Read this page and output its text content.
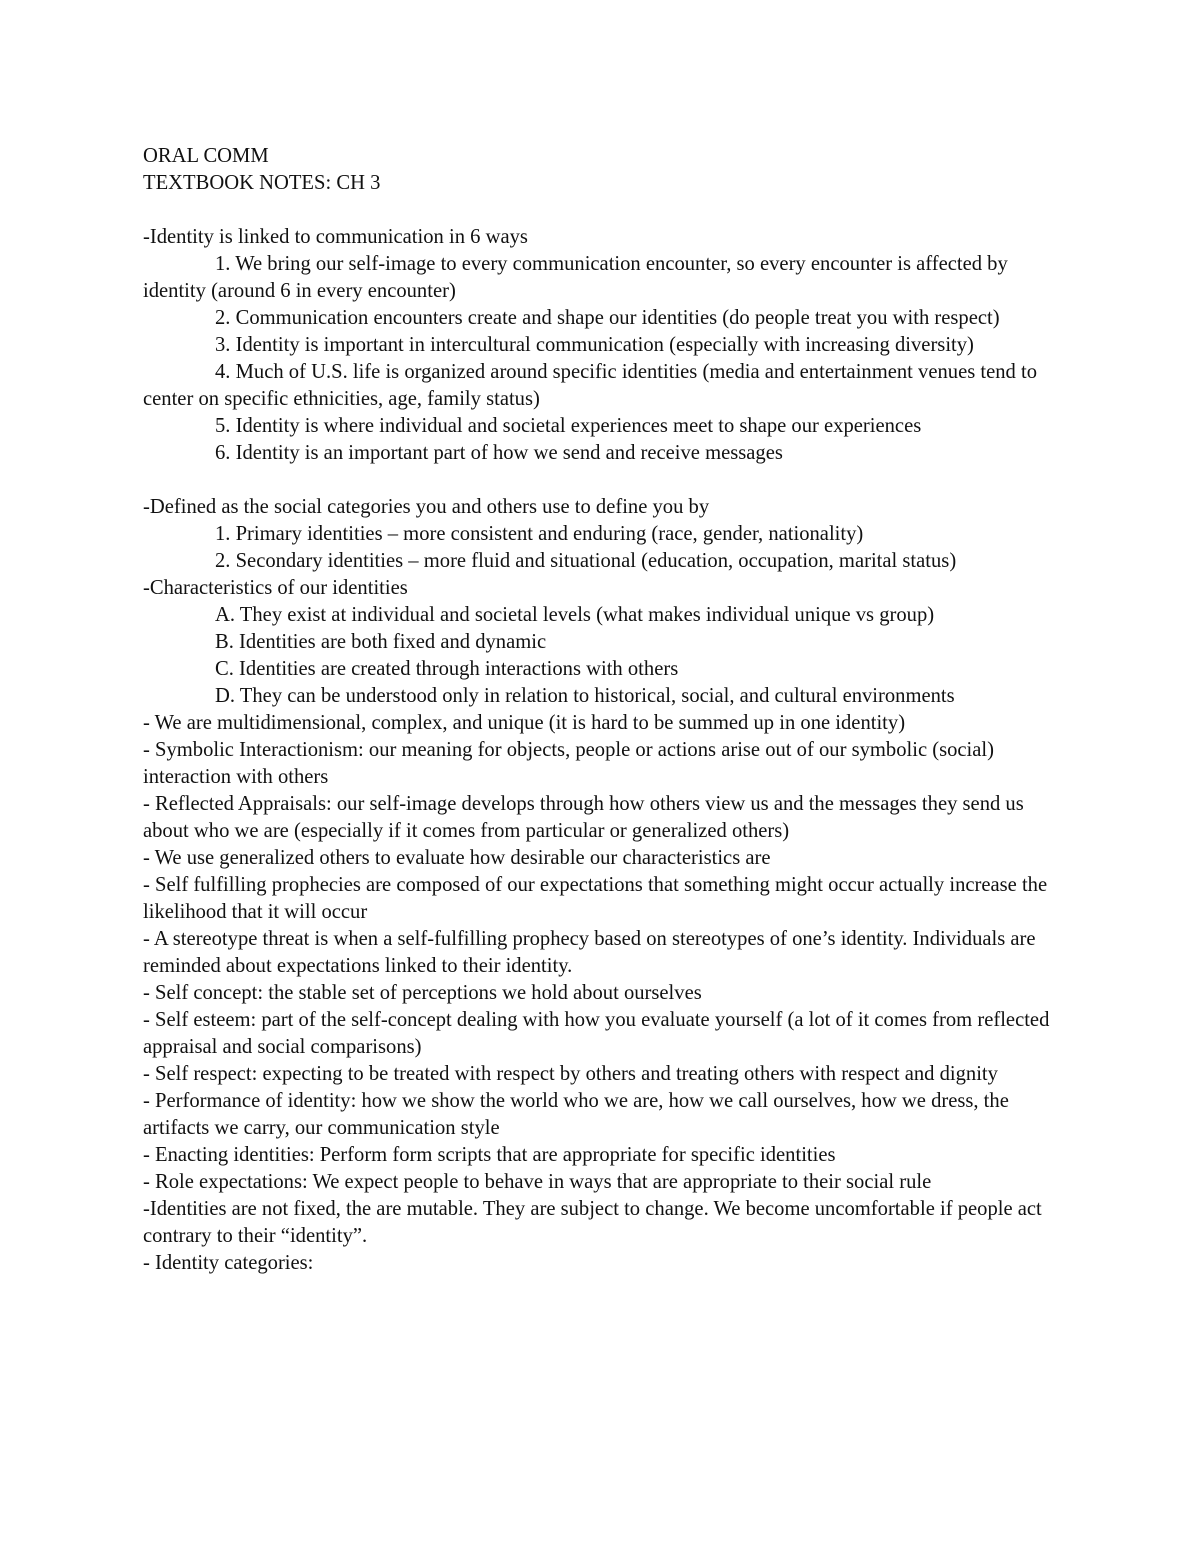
ORAL COMM
TEXTBOOK NOTES: CH 3
-Identity is linked to communication in 6 ways
1. We bring our self-image to every communication encounter, so every encounter is affected by identity (around 6 in every encounter)
2. Communication encounters create and shape our identities (do people treat you with respect)
3. Identity is important in intercultural communication (especially with increasing diversity)
4. Much of U.S. life is organized around specific identities (media and entertainment venues tend to center on specific ethnicities, age, family status)
5. Identity is where individual and societal experiences meet to shape our experiences
6. Identity is an important part of how we send and receive messages
-Defined as the social categories you and others use to define you by
1. Primary identities – more consistent and enduring (race, gender, nationality)
2. Secondary identities – more fluid and situational (education, occupation, marital status)
-Characteristics of our identities
A. They exist at individual and societal levels (what makes individual unique vs group)
B. Identities are both fixed and dynamic
C. Identities are created through interactions with others
D. They can be understood only in relation to historical, social, and cultural environments
- We are multidimensional, complex, and unique (it is hard to be summed up in one identity)
- Symbolic Interactionism: our meaning for objects, people or actions arise out of our symbolic (social) interaction with others
- Reflected Appraisals: our self-image develops through how others view us and the messages they send us about who we are (especially if it comes from particular or generalized others)
- We use generalized others to evaluate how desirable our characteristics are
- Self fulfilling prophecies are composed of our expectations that something might occur actually increase the likelihood that it will occur
- A stereotype threat is when a self-fulfilling prophecy based on stereotypes of one’s identity. Individuals are reminded about expectations linked to their identity.
- Self concept: the stable set of perceptions we hold about ourselves
- Self esteem: part of the self-concept dealing with how you evaluate yourself (a lot of it comes from reflected appraisal and social comparisons)
- Self respect: expecting to be treated with respect by others and treating others with respect and dignity
- Performance of identity: how we show the world who we are, how we call ourselves, how we dress, the artifacts we carry, our communication style
- Enacting identities: Perform form scripts that are appropriate for specific identities
- Role expectations: We expect people to behave in ways that are appropriate to their social rule
-Identities are not fixed, the are mutable. They are subject to change. We become uncomfortable if people act contrary to their “identity”.
- Identity categories:
